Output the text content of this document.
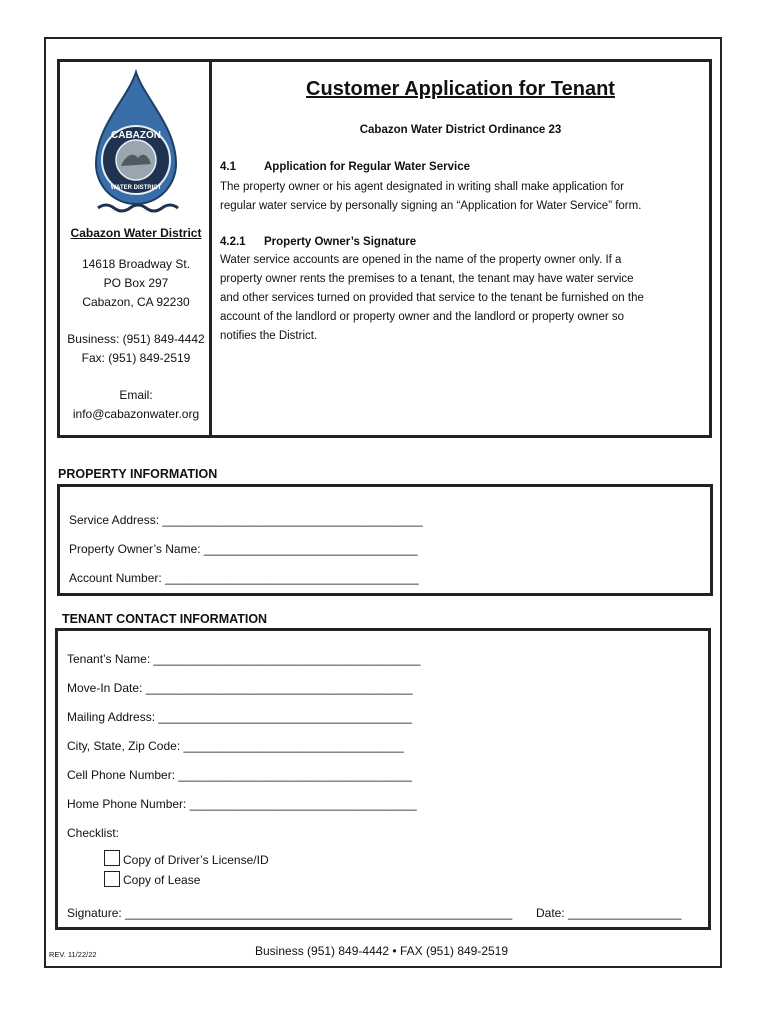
CABAZON
WATER DISTRICT
Cabazon Water District
14618 Broadway St.
PO Box 297
Cabazon, CA 92230
Business: (951) 849-4442
Fax: (951) 849-2519
Email:
info@cabazonwater.org
Customer Application for Tenant
Cabazon Water District Ordinance 23
4.1 Application for Regular Water Service
The property owner or his agent designated in writing shall make application for
regular water service by personally signing an “Application for Water Service” form.
4.2.1 Property Owner’s Signature
Water service accounts are opened in the name of the property owner only. If a
property owner rents the premises to a tenant, the tenant may have water service
and other services turned on provided that service to the tenant be furnished on the
account of the landlord or property owner and the landlord or property owner so
notifies the District.
PROPERTY INFORMATION
Service Address: _______________________________________
Property Owner’s Name: ________________________________
Account Number: ______________________________________
TENANT CONTACT INFORMATION
Tenant’s Name: ________________________________________
Move-In Date: ________________________________________
Mailing Address: ______________________________________
City, State, Zip Code: _________________________________
Cell Phone Number: ___________________________________
Home Phone Number: __________________________________
Checklist:
Copy of Driver’s License/ID
Copy of Lease
Signature: __________________________________________________________ Date: _________________
REV. 11/22/22	Business (951) 849-4442 • FAX (951) 849-2519
